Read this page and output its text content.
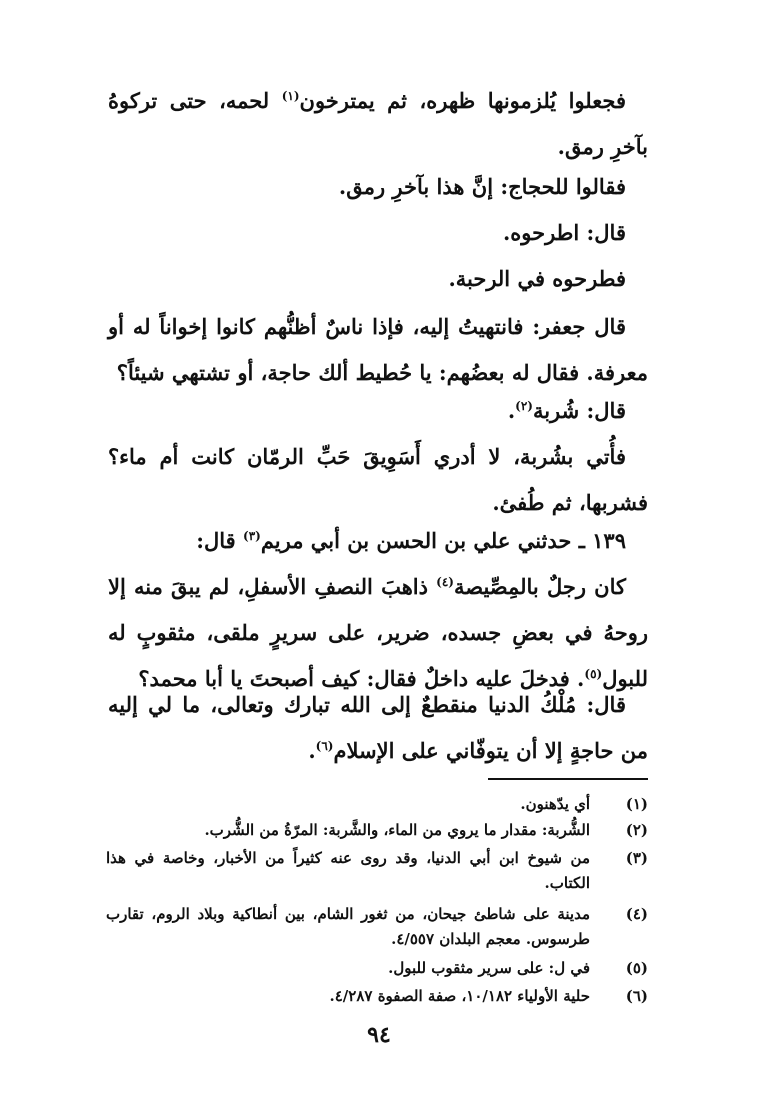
فجعلوا يُلزمونها ظهره، ثم يمترخون$^{(١)}$ لحمه، حتى تركوهُ بآخرِ رمق.

فقالوا للحجاج: إنَّ هذا بآخرِ رمق.

قال: اطرحوه.

فطرحوه في الرحبة.

قال جعفر: فانتهيتُ إليه، فإذا ناسٌ أظنُّهم كانوا إخواناً له أو معرفة. فقال له بعضُهم: يا حُطيط ألك حاجة، أو تشتهي شيئاً؟

قال: شُربة$^{(٢)}$.

فأُتي بشُربة، لا أدري أَسَوِيقَ حَبِّ الرمّان كانت أم ماء؟ فشربها، ثم طُفئ.

١٣٩ ـ حدثني علي بن الحسن بن أبي مريم$^{(٣)}$ قال:

كان رجلٌ بالمِصِّيصة$^{(٤)}$ ذاهبَ النصفِ الأسفلِ، لم يبقَ منه إلا روحهُ في بعضِ جسده، ضرير، على سريرٍ ملقى، مثقوبٍ له للبول$^{(٥)}$. فدخلَ عليه داخلٌ فقال: كيف أصبحتَ يا أبا محمد؟

قال: مُلْكُ الدنيا منقطعٌ إلى الله تبارك وتعالى، ما لي إليه من حاجةٍ إلا أن يتوفّاني على الإسلام$^{(٦)}$.

(١)
أي يدّهنون.
(٢)
الشُّربة: مقدار ما يروي من الماء، والشَّربة: المرّةُ من الشُّرب.
(٣)
من شيوخ ابن أبي الدنيا، وقد روى عنه كثيراً من الأخبار، وخاصة في هذا الكتاب.
(٤)
مدينة على شاطئ جيحان، من ثغور الشام، بين أنطاكية وبلاد الروم، تقارب طرسوس. معجم البلدان ٤/٥٥٧.
(٥)
في ل: على سرير مثقوب للبول.
(٦)
حلية الأولياء ١٠/١٨٢، صفة الصفوة ٤/٢٨٧.
٩٤
